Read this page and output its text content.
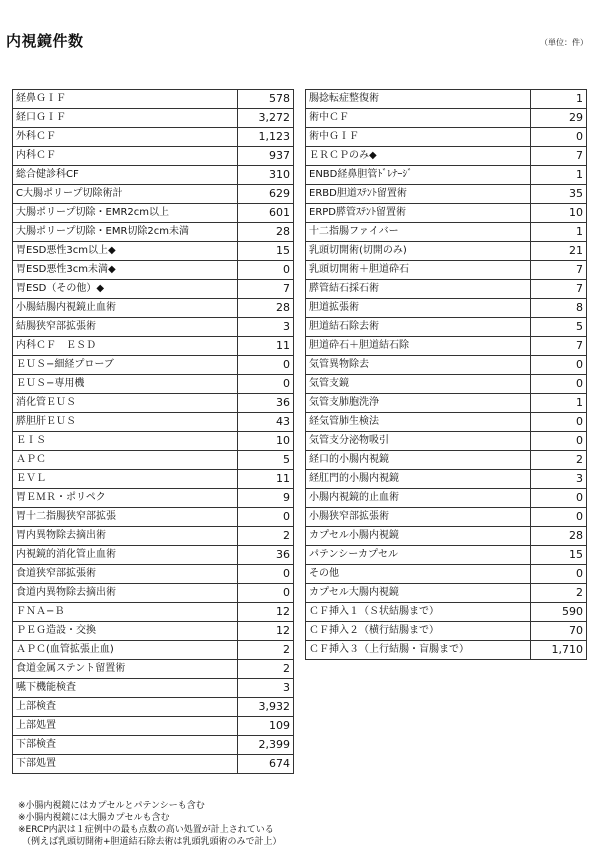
内視鏡件数	（単位：件）
経鼻ＧＩＦ	578
経口ＧＩＦ	3,272
外科ＣＦ	1,123
内科ＣＦ	937
総合健診科CF	310
C大腸ポリープ切除術計	629
大腸ポリープ切除・EMR2cm以上	601
大腸ポリープ切除・EMR切除2cm未満	28
胃ESD悪性3cm以上◆	15
胃ESD悪性3cm未満◆	0
胃ESD（その他）◆	7
小腸結腸内視鏡止血術	28
結腸狭窄部拡張術	3
内科ＣＦ　ＥＳＤ	11
ＥＵＳ−細経プローブ	0
ＥＵＳ−専用機	0
消化管ＥＵＳ	36
膵胆肝ＥＵＳ	43
ＥＩＳ	10
ＡＰＣ	5
ＥＶＬ	11
胃ＥＭＲ・ポリペク	9
胃十二指腸狭窄部拡張	0
胃内異物除去摘出術	2
内視鏡的消化管止血術	36
食道狭窄部拡張術	0
食道内異物除去摘出術	0
ＦＮＡ−Ｂ	12
ＰＥＧ造設・交換	12
ＡＰＣ(血管拡張止血)	2
食道金属ステント留置術	2
嚥下機能検査	3
上部検査	3,932
上部処置	109
下部検査	2,399
下部処置	674
腸捻転症整復術	1
術中ＣＦ	29
術中ＧＩＦ	0
ＥＲＣＰのみ◆	7
ENBD経鼻胆管ﾄﾞﾚﾅｰｼﾞ	1
ERBD胆道ｽﾃﾝﾄ留置術	35
ERPD膵管ｽﾃﾝﾄ留置術	10
十二指腸ファイバー	1
乳頭切開術(切開のみ)	21
乳頭切開術＋胆道砕石	7
膵管結石採石術	7
胆道拡張術	8
胆道結石除去術	5
胆道砕石＋胆道結石除	7
気管異物除去	0
気管支鏡	0
気管支肺胞洗浄	1
経気管肺生検法	0
気管支分泌物吸引	0
経口的小腸内視鏡	2
経肛門的小腸内視鏡	3
小腸内視鏡的止血術	0
小腸狭窄部拡張術	0
カプセル小腸内視鏡	28
パテンシーカプセル	15
その他	0
カプセル大腸内視鏡	2
ＣＦ挿入１（Ｓ状結腸まで）	590
ＣＦ挿入２（横行結腸まで）	70
ＣＦ挿入３（上行結腸・盲腸まで）	1,710
※小腸内視鏡にはカプセルとパテンシーも含む
※小腸内視鏡には大腸カプセルも含む
※ERCP内訳は１症例中の最も点数の高い処置が計上されている
（例えば乳頭切開術+胆道結石除去術は乳頭乳頭術のみで計上）
